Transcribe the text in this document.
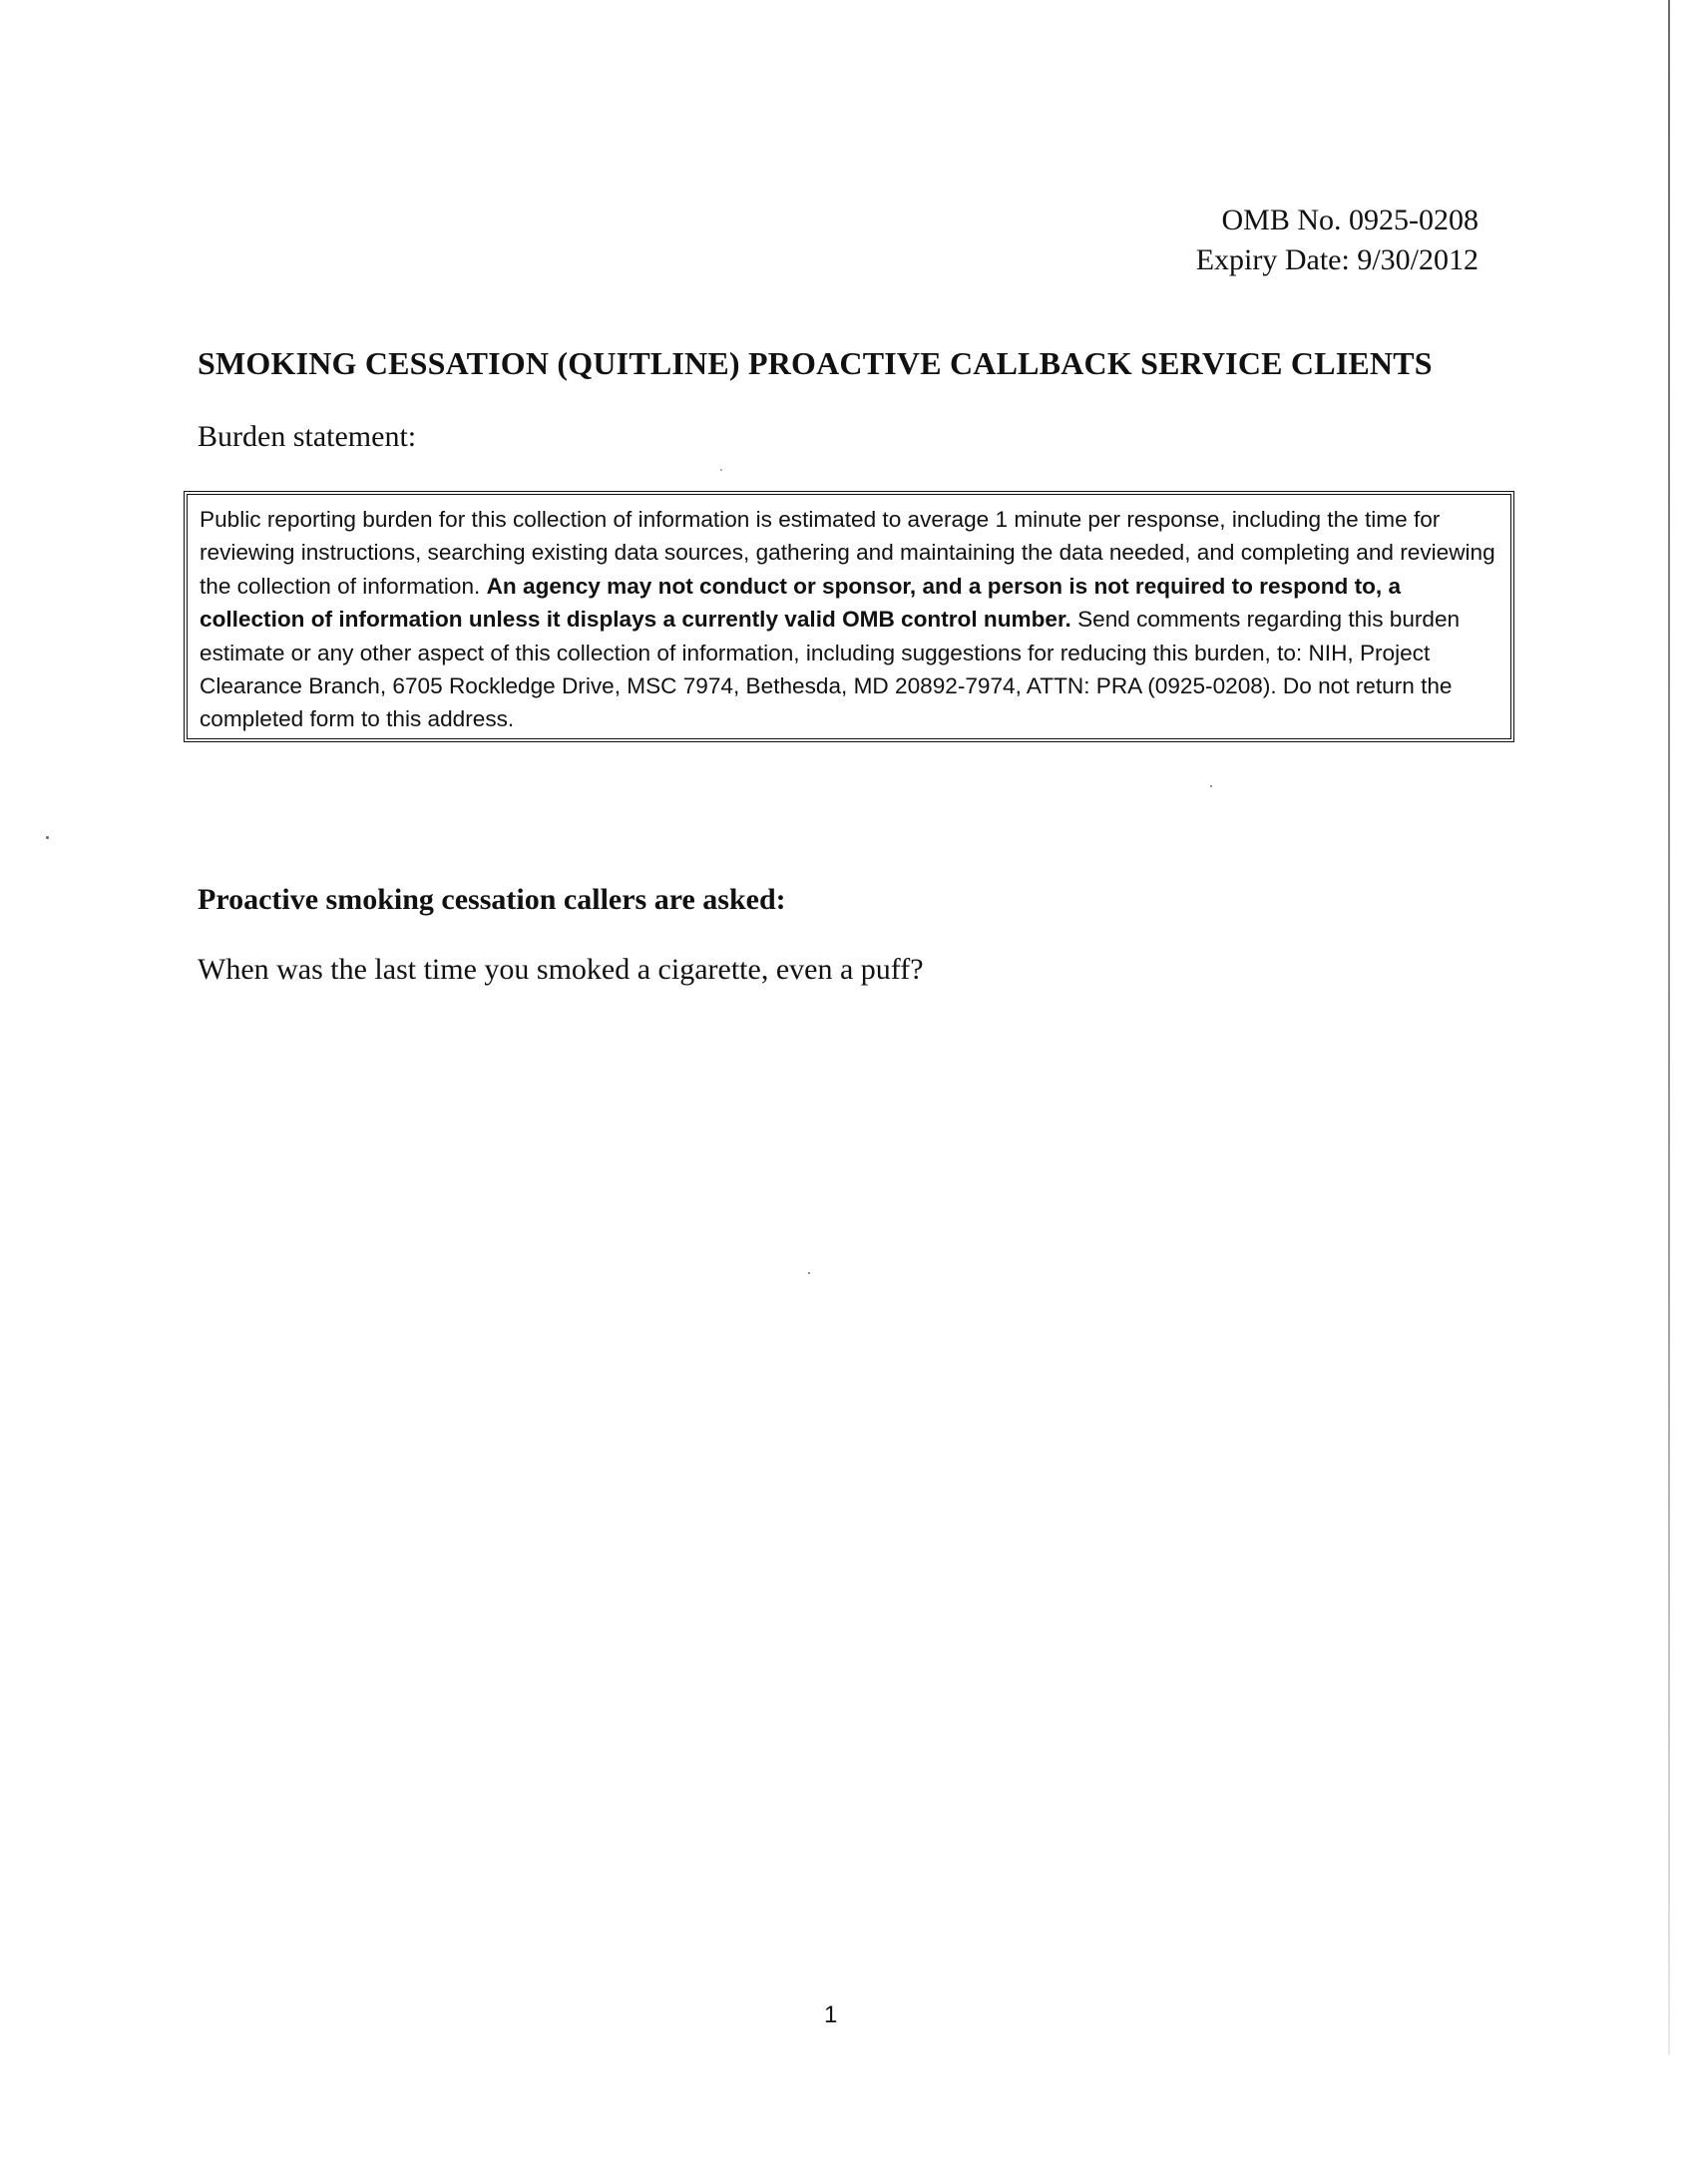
OMB No. 0925-0208
Expiry Date: 9/30/2012
SMOKING CESSATION (QUITLINE) PROACTIVE CALLBACK SERVICE CLIENTS
Burden statement:
Public reporting burden for this collection of information is estimated to average 1 minute per response, including the time for reviewing instructions, searching existing data sources, gathering and maintaining the data needed, and completing and reviewing the collection of information. An agency may not conduct or sponsor, and a person is not required to respond to, a collection of information unless it displays a currently valid OMB control number. Send comments regarding this burden estimate or any other aspect of this collection of information, including suggestions for reducing this burden, to: NIH, Project Clearance Branch, 6705 Rockledge Drive, MSC 7974, Bethesda, MD 20892-7974, ATTN: PRA (0925-0208). Do not return the completed form to this address.
Proactive smoking cessation callers are asked:
When was the last time you smoked a cigarette, even a puff?
1
